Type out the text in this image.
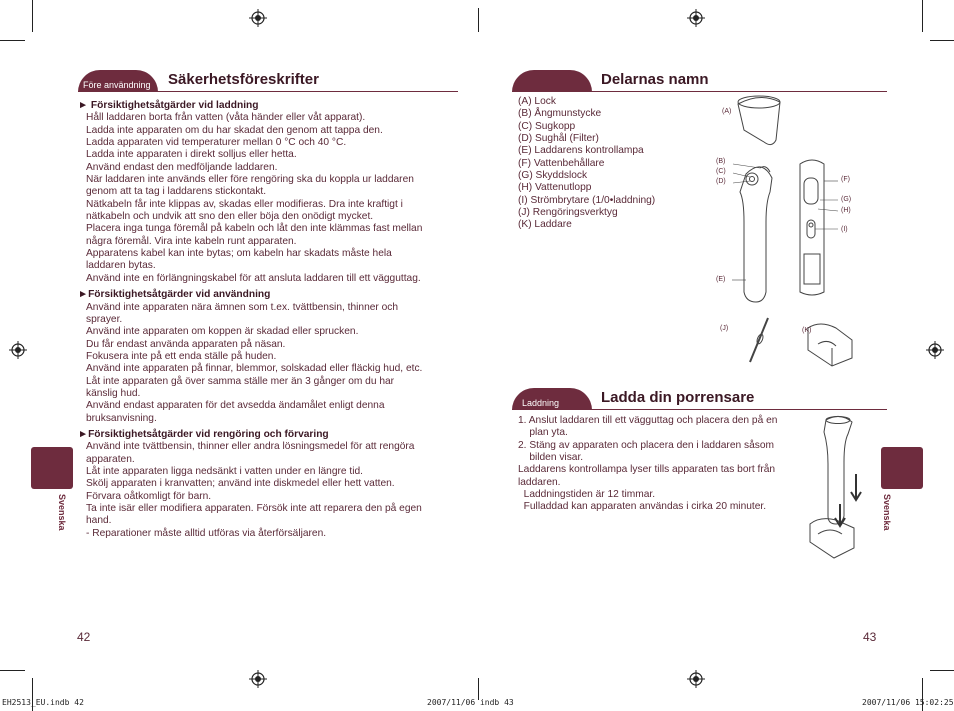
Före användning Säkerhetsföreskrifter
► Försiktighetsåtgärder vid laddning
Håll laddaren borta från vatten (våta händer eller våt apparat).
Ladda inte apparaten om du har skadat den genom att tappa den.
Ladda apparaten vid temperaturer mellan 0 °C och 40 °C.
Ladda inte apparaten i direkt solljus eller hetta.
Använd endast den medföljande laddaren.
När laddaren inte används eller före rengöring ska du koppla ur laddaren
genom att ta tag i laddarens stickontakt.
Nätkabeln får inte klippas av, skadas eller modifieras. Dra inte kraftigt i
nätkabeln och undvik att sno den eller böja den onödigt mycket.
Placera inga tunga föremål på kabeln och låt den inte klämmas fast mellan
några föremål. Vira inte kabeln runt apparaten.
Apparatens kabel kan inte bytas; om kabeln har skadats måste hela
laddaren bytas.
Använd inte en förlängningskabel för att ansluta laddaren till ett vägguttag.
►Försiktighetsåtgärder vid användning
Använd inte apparaten nära ämnen som t.ex. tvättbensin, thinner och
sprayer.
Använd inte apparaten om koppen är skadad eller sprucken.
Du får endast använda apparaten på näsan.
Fokusera inte på ett enda ställe på huden.
Använd inte apparaten på finnar, blemmor, solskadad eller fläckig hud, etc.
Låt inte apparaten gå över samma ställe mer än 3 gånger om du har
känslig hud.
Använd endast apparaten för det avsedda ändamålet enligt denna
bruksanvisning.
►Försiktighetsåtgärder vid rengöring och förvaring
Använd inte tvättbensin, thinner eller andra lösningsmedel för att rengöra
apparaten.
Låt inte apparaten ligga nedsänkt i vatten under en längre tid.
Skölj apparaten i kranvatten; använd inte diskmedel eller hett vatten.
Förvara oåtkomligt för barn.
Ta inte isär eller modifiera apparaten. Försök inte att reparera den på egen
hand.
- Reparationer måste alltid utföras via återförsäljaren.
Svenska
42
Delarnas namn
(A) Lock
(B) Ångmunstycke
(C) Sugkopp
(D) Sughål (Filter)
(E) Laddarens kontrollampa
(F) Vattenbehållare
(G) Skyddslock
(H) Vattenutlopp
(I) Strömbrytare (1/0•laddning)
(J) Rengöringsverktyg
(K) Laddare
(A)
(B)
(C)
(D)
(E)
(F)
(G)
(H)
(I)
(J)	(K)
Laddning	Ladda din porrensare
1. Anslut laddaren till ett vägguttag och placera den på en
plan yta.
2. Stäng av apparaten och placera den i laddaren såsom
bilden visar.
Laddarens kontrollampa lyser tills apparaten tas bort från
laddaren.
Laddningstiden är 12 timmar.
Fulladdad kan apparaten användas i cirka 20 minuter.	Svenska
43
EH2513_EU.indb 42	2007/11/06 indb 43	2007/11/06 15:02:25
